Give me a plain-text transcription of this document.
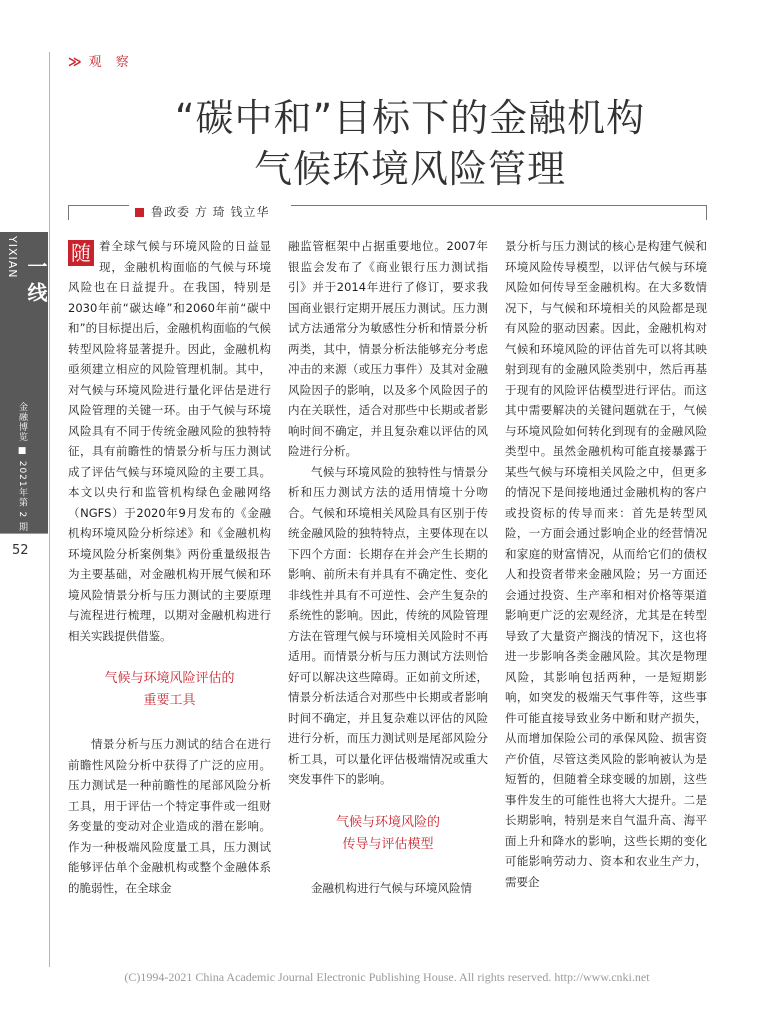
≫ 观 察
“碳中和”目标下的金融机构
气候环境风险管理
鲁政委 方 琦 钱立华
YIXIAN 一线
金融博览 ■ 2021年第 2 期
52

随 着全球气候与环境风险的日益显现，金融机构面临的气候与环境风险也在日益提升。在我国，特别是2030年前“碳达峰”和2060年前“碳中和”的目标提出后，金融机构面临的气候转型风险将显著提升。因此，金融机构亟须建立相应的风险管理机制。其中，对气候与环境风险进行量化评估是进行风险管理的关键一环。由于气候与环境风险具有不同于传统金融风险的独特特征，具有前瞻性的情景分析与压力测试成了评估气候与环境风险的主要工具。本文以央行和监管机构绿色金融网络（NGFS）于2020年9月发布的《金融机构环境风险分析综述》和《金融机构环境风险分析案例集》两份重量级报告为主要基础，对金融机构开展气候和环境风险情景分析与压力测试的主要原理与流程进行梳理，以期对金融机构进行相关实践提供借鉴。

气候与环境风险评估的
重要工具

情景分析与压力测试的结合在进行前瞻性风险分析中获得了广泛的应用。压力测试是一种前瞻性的尾部风险分析工具，用于评估一个特定事件或一组财务变量的变动对企业造成的潜在影响。作为一种极端风险度量工具，压力测试能够评估单个金融机构或整个金融体系的脆弱性，在全球金

融监管框架中占据重要地位。2007年银监会发布了《商业银行压力测试指引》并于2014年进行了修订，要求我国商业银行定期开展压力测试。压力测试方法通常分为敏感性分析和情景分析两类，其中，情景分析法能够充分考虑冲击的来源（或压力事件）及其对金融风险因子的影响，以及多个风险因子的内在关联性，适合对那些中长期或者影响时间不确定，并且复杂难以评估的风险进行分析。

气候与环境风险的独特性与情景分析和压力测试方法的适用情境十分吻合。气候和环境相关风险具有区别于传统金融风险的独特特点，主要体现在以下四个方面：长期存在并会产生长期的影响、前所未有并具有不确定性、变化非线性并具有不可逆性、会产生复杂的系统性的影响。因此，传统的风险管理方法在管理气候与环境相关风险时不再适用。而情景分析与压力测试方法则恰好可以解决这些障碍。正如前文所述，情景分析法适合对那些中长期或者影响时间不确定，并且复杂难以评估的风险进行分析，而压力测试则是尾部风险分析工具，可以量化评估极端情况或重大突发事件下的影响。

气候与环境风险的
传导与评估模型

金融机构进行气候与环境风险情

景分析与压力测试的核心是构建气候和环境风险传导模型，以评估气候与环境风险如何传导至金融机构。在大多数情况下，与气候和环境相关的风险都是现有风险的驱动因素。因此，金融机构对气候和环境风险的评估首先可以将其映射到现有的金融风险类别中，然后再基于现有的风险评估模型进行评估。而这其中需要解决的关键问题就在于，气候与环境风险如何转化到现有的金融风险类型中。虽然金融机构可能直接暴露于某些气候与环境相关风险之中，但更多的情况下是间接地通过金融机构的客户或投资标的传导而来：首先是转型风险，一方面会通过影响企业的经营情况和家庭的财富情况，从而给它们的债权人和投资者带来金融风险；另一方面还会通过投资、生产率和相对价格等渠道影响更广泛的宏观经济，尤其是在转型导致了大量资产搁浅的情况下，这也将进一步影响各类金融风险。其次是物理风险，其影响包括两种，一是短期影响，如突发的极端天气事件等，这些事件可能直接导致业务中断和财产损失，从而增加保险公司的承保风险、损害资产价值，尽管这类风险的影响被认为是短暂的，但随着全球变暖的加剧，这些事件发生的可能性也将大大提升。二是长期影响，特别是来自气温升高、海平面上升和降水的影响，这些长期的变化可能影响劳动力、资本和农业生产力，需要企

(C)1994-2021 China Academic Journal Electronic Publishing House. All rights reserved. http://www.cnki.net
